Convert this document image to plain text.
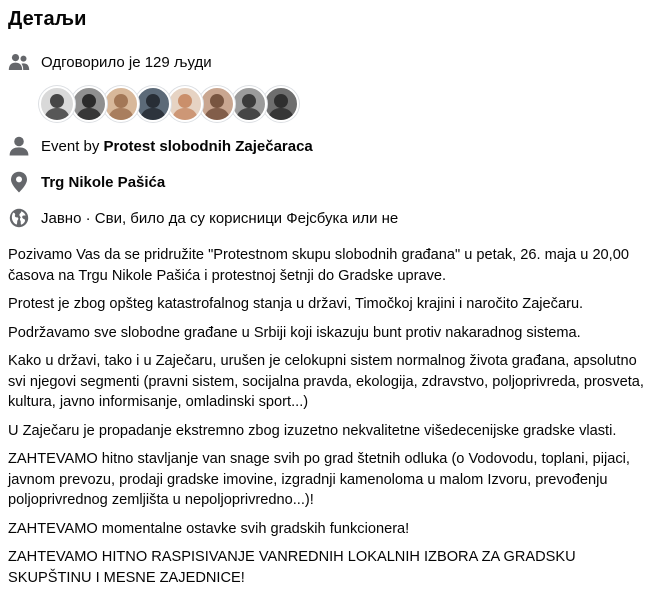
Детаљи
Одговорило је 129 људи
Event by Protest slobodnih Zaječaraca
Trg Nikole Pašića
Јавно · Сви, било да су корисници Фејсбука или не

Pozivamo Vas da se pridružite "Protestnom skupu slobodnih građana" u petak, 26. maja u 20,00 časova na Trgu Nikole Pašića i protestnoj šetnji do Gradske uprave.

Protest je zbog opšteg katastrofalnog stanja u državi, Timočkoj krajini i naročito Zaječaru.

Podržavamo sve slobodne građane u Srbiji koji iskazuju bunt protiv nakaradnog sistema.

Kako u državi, tako i u Zaječaru, urušen je celokupni sistem normalnog života građana, apsolutno svi njegovi segmenti (pravni sistem, socijalna pravda, ekologija, zdravstvo, poljoprivreda, prosveta, kultura, javno informisanje, omladinski sport...)

U Zaječaru je propadanje ekstremno zbog izuzetno nekvalitetne višedecenijske gradske vlasti.

ZAHTEVAMO hitno stavljanje van snage svih po grad štetnih odluka (o Vodovodu, toplani, pijaci, javnom prevozu, prodaji gradske imovine, izgradnji kamenoloma u malom Izvoru, prevođenju poljoprivrednog zemljišta u nepoljoprivredno...)!

ZAHTEVAMO momentalne ostavke svih gradskih funkcionera!

ZAHTEVAMO HITNO RASPISIVANJE VANREDNIH LOKALNIH IZBORA ZA GRADSKU SKUPŠTINU I MESNE ZAJEDNICE!
